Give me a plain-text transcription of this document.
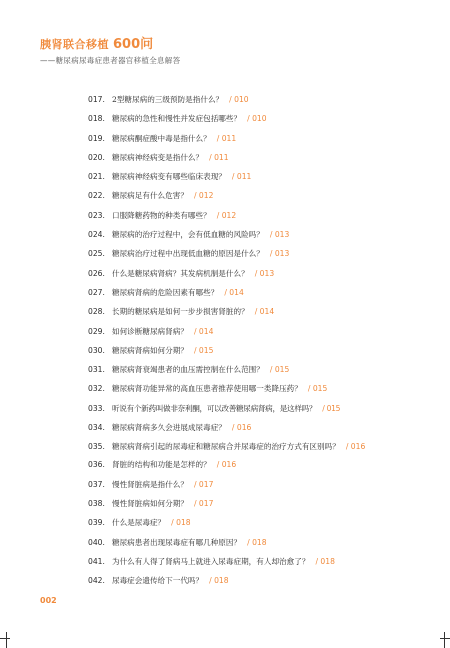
胰肾联合移植 600问
——糖尿病尿毒症患者器官移植全息解答
017. 2型糖尿病的三级预防是指什么？ / 010
018. 糖尿病的急性和慢性并发症包括哪些？ / 010
019. 糖尿病酮症酸中毒是指什么？ / 011
020. 糖尿病神经病变是指什么？ / 011
021. 糖尿病神经病变有哪些临床表现？ / 011
022. 糖尿病足有什么危害？ / 012
023. 口服降糖药物的种类有哪些？ / 012
024. 糖尿病的治疗过程中，会有低血糖的风险吗？ / 013
025. 糖尿病治疗过程中出现低血糖的原因是什么？ / 013
026. 什么是糖尿病肾病？其发病机制是什么？ / 013
027. 糖尿病肾病的危险因素有哪些？ / 014
028. 长期的糖尿病是如何一步步损害肾脏的？ / 014
029. 如何诊断糖尿病肾病？ / 014
030. 糖尿病肾病如何分期？ / 015
031. 糖尿病肾衰竭患者的血压需控制在什么范围？ / 015
032. 糖尿病肾功能异常的高血压患者推荐使用哪一类降压药？ / 015
033. 听说有个新药叫做非奈利酮，可以改善糖尿病肾病，是这样吗？ / 015
034. 糖尿病肾病多久会进展成尿毒症？ / 016
035. 糖尿病肾病引起的尿毒症和糖尿病合并尿毒症的治疗方式有区别吗？ / 016
036. 肾脏的结构和功能是怎样的？ / 016
037. 慢性肾脏病是指什么？ / 017
038. 慢性肾脏病如何分期？ / 017
039. 什么是尿毒症？ / 018
040. 糖尿病患者出现尿毒症有哪几种原因？ / 018
041. 为什么有人得了肾病马上就进入尿毒症期，有人却治愈了？ / 018
042. 尿毒症会遗传给下一代吗？ / 018
002
